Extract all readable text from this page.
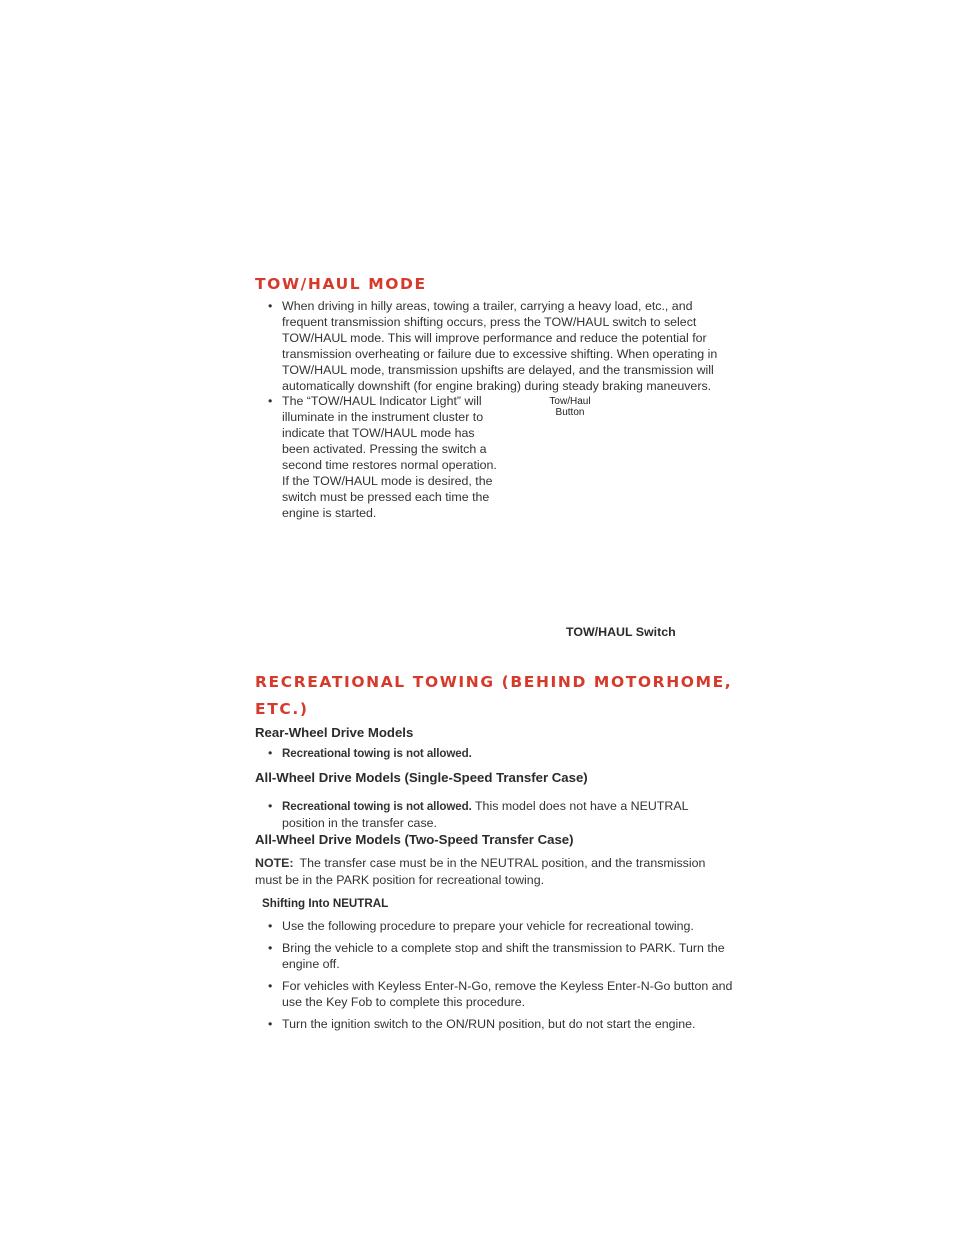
TOW/HAUL MODE
• When driving in hilly areas, towing a trailer, carrying a heavy load, etc., and frequent transmission shifting occurs, press the TOW/HAUL switch to select TOW/HAUL mode. This will improve performance and reduce the potential for transmission overheating or failure due to excessive shifting. When operating in TOW/HAUL mode, transmission upshifts are delayed, and the transmission will automatically downshift (for engine braking) during steady braking maneuvers.
• The “TOW/HAUL Indicator Light” will illuminate in the instrument cluster to indicate that TOW/HAUL mode has been activated. Pressing the switch a second time restores normal operation. If the TOW/HAUL mode is desired, the switch must be pressed each time the engine is started.
Tow/Haul
Button

TOW/HAUL Switch

RECREATIONAL TOWING (BEHIND MOTORHOME, ETC.)
Rear-Wheel Drive Models
• Recreational towing is not allowed.
All-Wheel Drive Models (Single-Speed Transfer Case)
• Recreational towing is not allowed. This model does not have a NEUTRAL position in the transfer case.
All-Wheel Drive Models (Two-Speed Transfer Case)

NOTE: The transfer case must be in the NEUTRAL position, and the transmission must be in the PARK position for recreational towing.

Shifting Into NEUTRAL
• Use the following procedure to prepare your vehicle for recreational towing.
• Bring the vehicle to a complete stop and shift the transmission to PARK. Turn the engine off.
• For vehicles with Keyless Enter-N-Go, remove the Keyless Enter-N-Go button and use the Key Fob to complete this procedure.
• Turn the ignition switch to the ON/RUN position, but do not start the engine.
